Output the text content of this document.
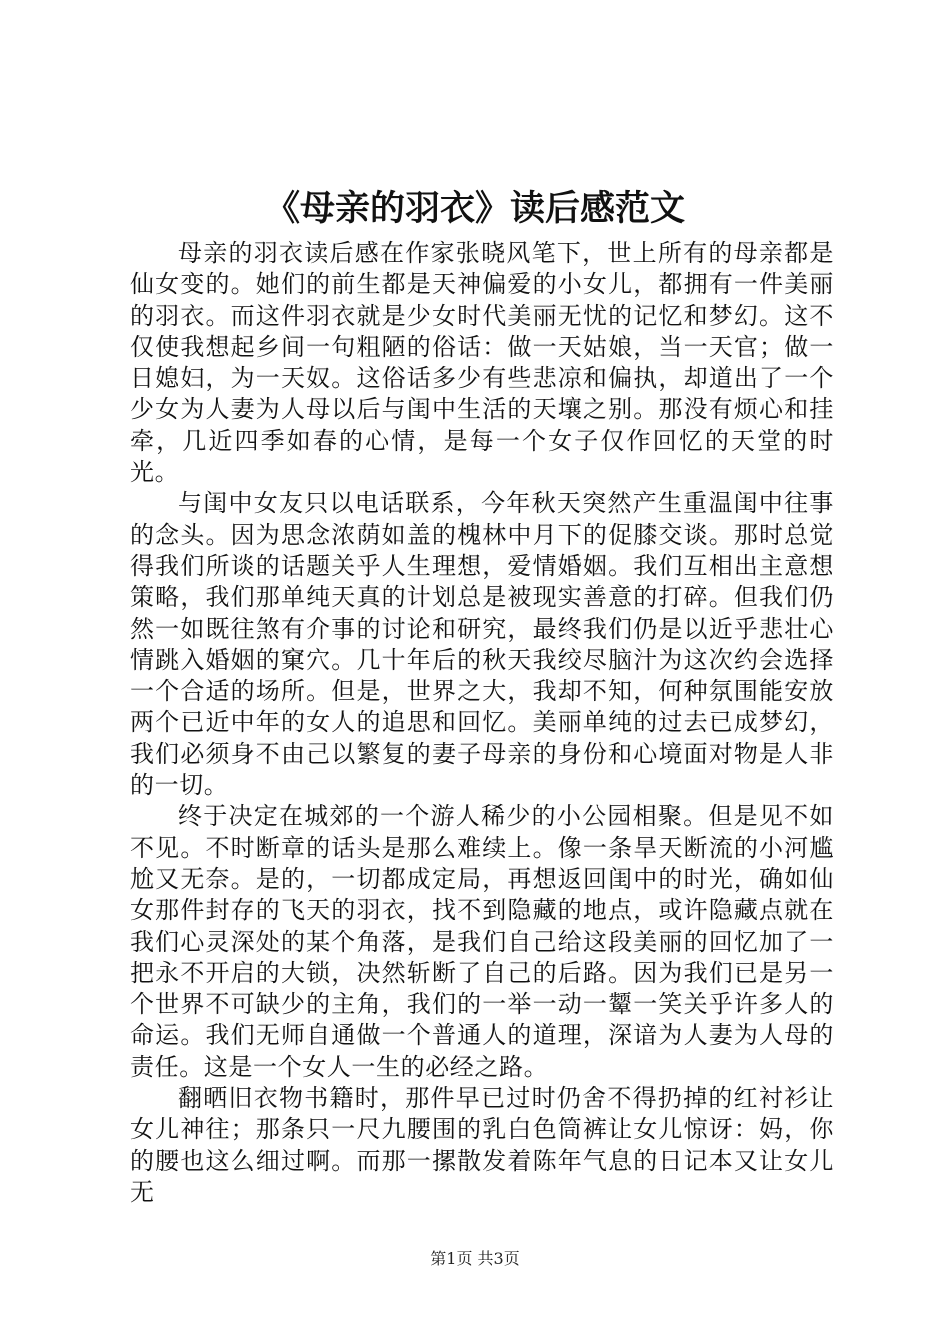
《母亲的羽衣》读后感范文

母亲的羽衣读后感在作家张晓风笔下，世上所有的母亲都是仙女变的。她们的前生都是天神偏爱的小女儿，都拥有一件美丽的羽衣。而这件羽衣就是少女时代美丽无忧的记忆和梦幻。这不仅使我想起乡间一句粗陋的俗话：做一天姑娘，当一天官；做一日媳妇，为一天奴。这俗话多少有些悲凉和偏执，却道出了一个少女为人妻为人母以后与闺中生活的天壤之别。那没有烦心和挂牵，几近四季如春的心情，是每一个女子仅作回忆的天堂的时光。

与闺中女友只以电话联系，今年秋天突然产生重温闺中往事的念头。因为思念浓荫如盖的槐林中月下的促膝交谈。那时总觉得我们所谈的话题关乎人生理想，爱情婚姻。我们互相出主意想策略，我们那单纯天真的计划总是被现实善意的打碎。但我们仍然一如既往煞有介事的讨论和研究，最终我们仍是以近乎悲壮心情跳入婚姻的窠穴。几十年后的秋天我绞尽脑汁为这次约会选择一个合适的场所。但是，世界之大，我却不知，何种氛围能安放两个已近中年的女人的追思和回忆。美丽单纯的过去已成梦幻，我们必须身不由己以繁复的妻子母亲的身份和心境面对物是人非的一切。

终于决定在城郊的一个游人稀少的小公园相聚。但是见不如不见。不时断章的话头是那么难续上。像一条旱天断流的小河尴尬又无奈。是的，一切都成定局，再想返回闺中的时光，确如仙女那件封存的飞天的羽衣，找不到隐藏的地点，或许隐藏点就在我们心灵深处的某个角落，是我们自己给这段美丽的回忆加了一把永不开启的大锁，决然斩断了自己的后路。因为我们已是另一个世界不可缺少的主角，我们的一举一动一颦一笑关乎许多人的命运。我们无师自通做一个普通人的道理，深谙为人妻为人母的责任。这是一个女人一生的必经之路。

翻晒旧衣物书籍时，那件早已过时仍舍不得扔掉的红衬衫让女儿神往；那条只一尺九腰围的乳白色筒裤让女儿惊讶：妈，你的腰也这么细过啊。而那一摞散发着陈年气息的日记本又让女儿无

第1页 共3页
